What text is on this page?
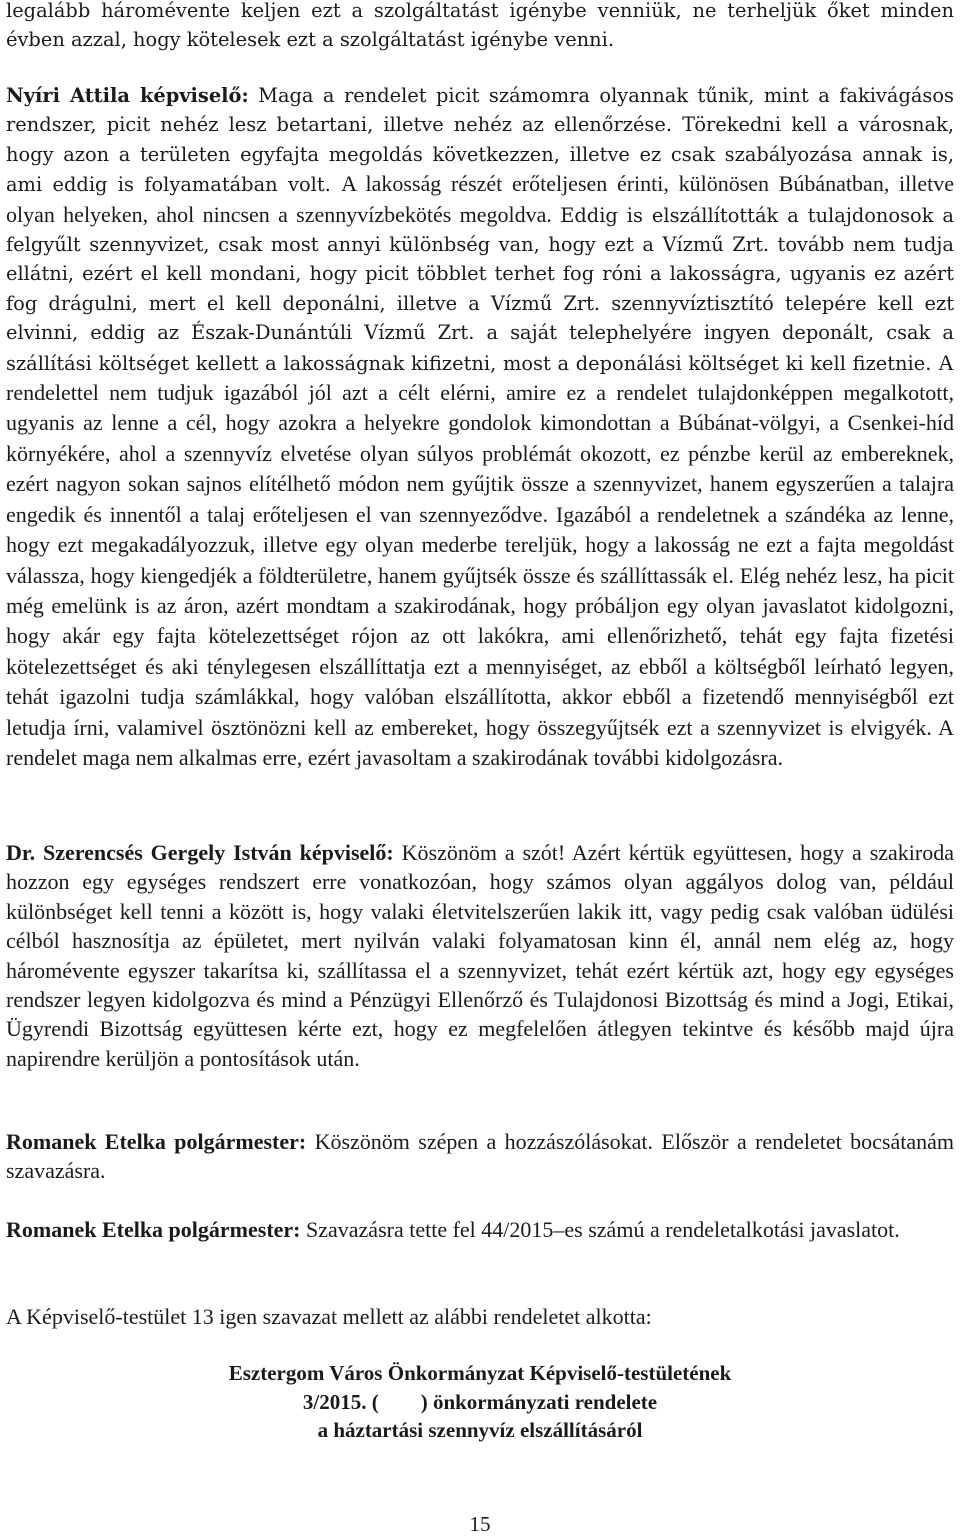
legalább háromévente keljen ezt a szolgáltatást igénybe venniük, ne terheljük őket minden évben azzal, hogy kötelesek ezt a szolgáltatást igénybe venni.

Nyíri Attila képviselő: Maga a rendelet picit számomra olyannak tűnik, mint a fakivágásos rendszer, picit nehéz lesz betartani, illetve nehéz az ellenőrzése. Törekedni kell a városnak, hogy azon a területen egyfajta megoldás következzen, illetve ez csak szabályozása annak is, ami eddig is folyamatában volt. A lakosság részét erőteljesen érinti, különösen Búbánatban, illetve olyan helyeken, ahol nincsen a szennyvízbekötés megoldva. Eddig is elszállították a tulajdonosok a felgyűlt szennyvizet, csak most annyi különbség van, hogy ezt a Vízmű Zrt. tovább nem tudja ellátni, ezért el kell mondani, hogy picit többlet terhet fog róni a lakosságra, ugyanis ez azért fog drágulni, mert el kell deponálni, illetve a Vízmű Zrt. szennyvíztisztító telepére kell ezt elvinni, eddig az Észak-Dunántúli Vízmű Zrt. a saját telephelyére ingyen deponált, csak a szállítási költséget kellett a lakosságnak kifizetni, most a deponálási költséget ki kell fizetnie. A rendelettel nem tudjuk igazából jól azt a célt elérni, amire ez a rendelet tulajdonképpen megalkotott, ugyanis az lenne a cél, hogy azokra a helyekre gondolok kimondottan a Búbánat-völgyi, a Csenkei-híd környékére, ahol a szennyvíz elvetése olyan súlyos problémát okozott, ez pénzbe kerül az embereknek, ezért nagyon sokan sajnos elítélhető módon nem gyűjtik össze a szennyvizet, hanem egyszerűen a talajra engedik és innentől a talaj erőteljesen el van szennyeződve. Igazából a rendeletnek a szándéka az lenne, hogy ezt megakadályozzuk, illetve egy olyan mederbe tereljük, hogy a lakosság ne ezt a fajta megoldást válassza, hogy kiengedjék a földterületre, hanem gyűjtsék össze és szállíttassák el. Elég nehéz lesz, ha picit még emelünk is az áron, azért mondtam a szakirodának, hogy próbáljon egy olyan javaslatot kidolgozni, hogy akár egy fajta kötelezettséget rójon az ott lakókra, ami ellenőrizhető, tehát egy fajta fizetési kötelezettséget és aki ténylegesen elszállíttatja ezt a mennyiséget, az ebből a költségből leírható legyen, tehát igazolni tudja számlákkal, hogy valóban elszállította, akkor ebből a fizetendő mennyiségből ezt letudja írni, valamivel ösztönözni kell az embereket, hogy összegyűjtsék ezt a szennyvizet is elvigyék. A rendelet maga nem alkalmas erre, ezért javasoltam a szakirodának további kidolgozásra.

Dr. Szerencsés Gergely István képviselő: Köszönöm a szót! Azért kértük együttesen, hogy a szakiroda hozzon egy egységes rendszert erre vonatkozóan, hogy számos olyan aggályos dolog van, például különbséget kell tenni a között is, hogy valaki életvitelszerűen lakik itt, vagy pedig csak valóban üdülési célból hasznosítja az épületet, mert nyilván valaki folyamatosan kinn él, annál nem elég az, hogy háromévente egyszer takarítsa ki, szállítassa el a szennyvizet, tehát ezért kértük azt, hogy egy egységes rendszer legyen kidolgozva és mind a Pénzügyi Ellenőrző és Tulajdonosi Bizottság és mind a Jogi, Etikai, Ügyrendi Bizottság együttesen kérte ezt, hogy ez megfelelően átlegyen tekintve és később majd újra napirendre kerüljön a pontosítások után.

Romanek Etelka polgármester: Köszönöm szépen a hozzászólásokat. Először a rendeletet bocsátanám szavazásra.

Romanek Etelka polgármester: Szavazásra tette fel 44/2015–es számú a rendeletalkotási javaslatot.

A Képviselő-testület 13 igen szavazat mellett az alábbi rendeletet alkotta:

Esztergom Város Önkormányzat Képviselő-testületének
3/2015. (        ) önkormányzati rendelete
a háztartási szennyvíz elszállításáról
15
